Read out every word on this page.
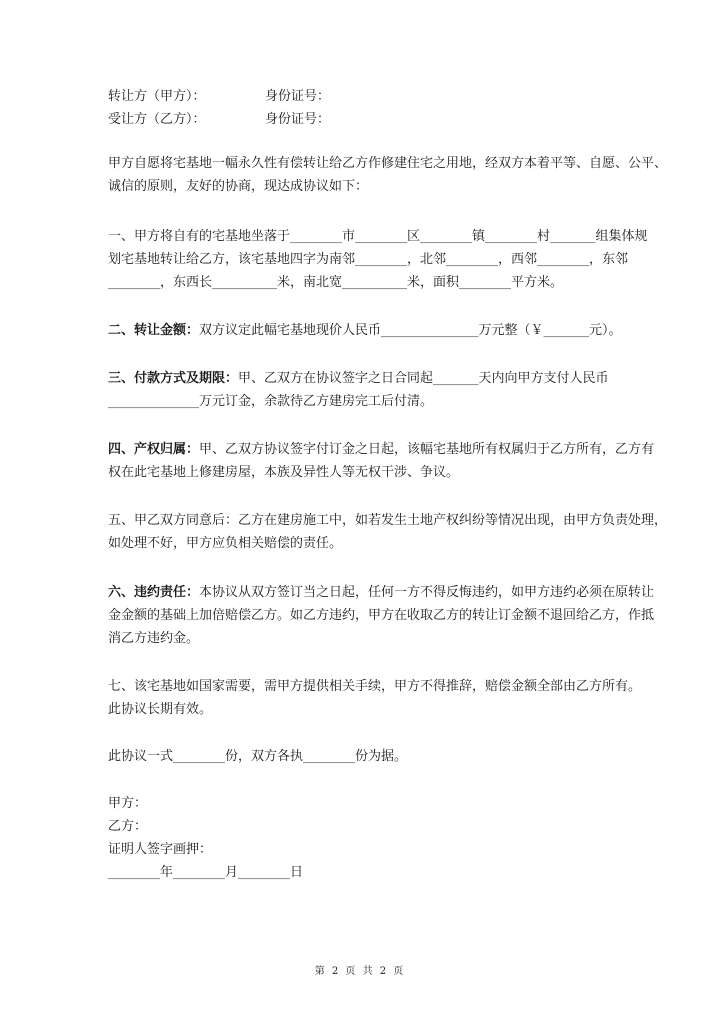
转让方（甲方）：	身份证号：
受让方（乙方）：	身份证号：
第 2 页 共 2 页
甲方自愿将宅基地一幅永久性有偿转让给乙方作修建住宅之用地，经双方本着平等、自愿、公平、
诚信的原则，友好的协商，现达成协议如下：
一、甲方将自有的宅基地坐落于________市________区________镇________村_______组集体规
划宅基地转让给乙方，该宅基地四字为南邻________，北邻________，西邻________，东邻
________，东西长__________米，南北宽__________米，面积________平方米。
二、转让金额：双方议定此幅宅基地现价人民币_______________万元整（￥_______元）。
三、付款方式及期限：甲、乙双方在协议签字之日合同起_______天内向甲方支付人民币
______________万元订金，余款待乙方建房完工后付清。
四、产权归属：甲、乙双方协议签字付订金之日起，该幅宅基地所有权属归于乙方所有，乙方有
权在此宅基地上修建房屋，本族及异性人等无权干涉、争议。
五、甲乙双方同意后：乙方在建房施工中，如若发生土地产权纠纷等情况出现，由甲方负责处理，
如处理不好，甲方应负相关赔偿的责任。
六、违约责任：本协议从双方签订当之日起，任何一方不得反悔违约，如甲方违约必须在原转让
金金额的基础上加倍赔偿乙方。如乙方违约，甲方在收取乙方的转让订金额不退回给乙方，作抵
消乙方违约金。
七、该宅基地如国家需要，需甲方提供相关手续，甲方不得推辞，赔偿金额全部由乙方所有。
此协议长期有效。
此协议一式________份，双方各执________份为据。
甲方：
乙方：
证明人签字画押：
________年________月________日
